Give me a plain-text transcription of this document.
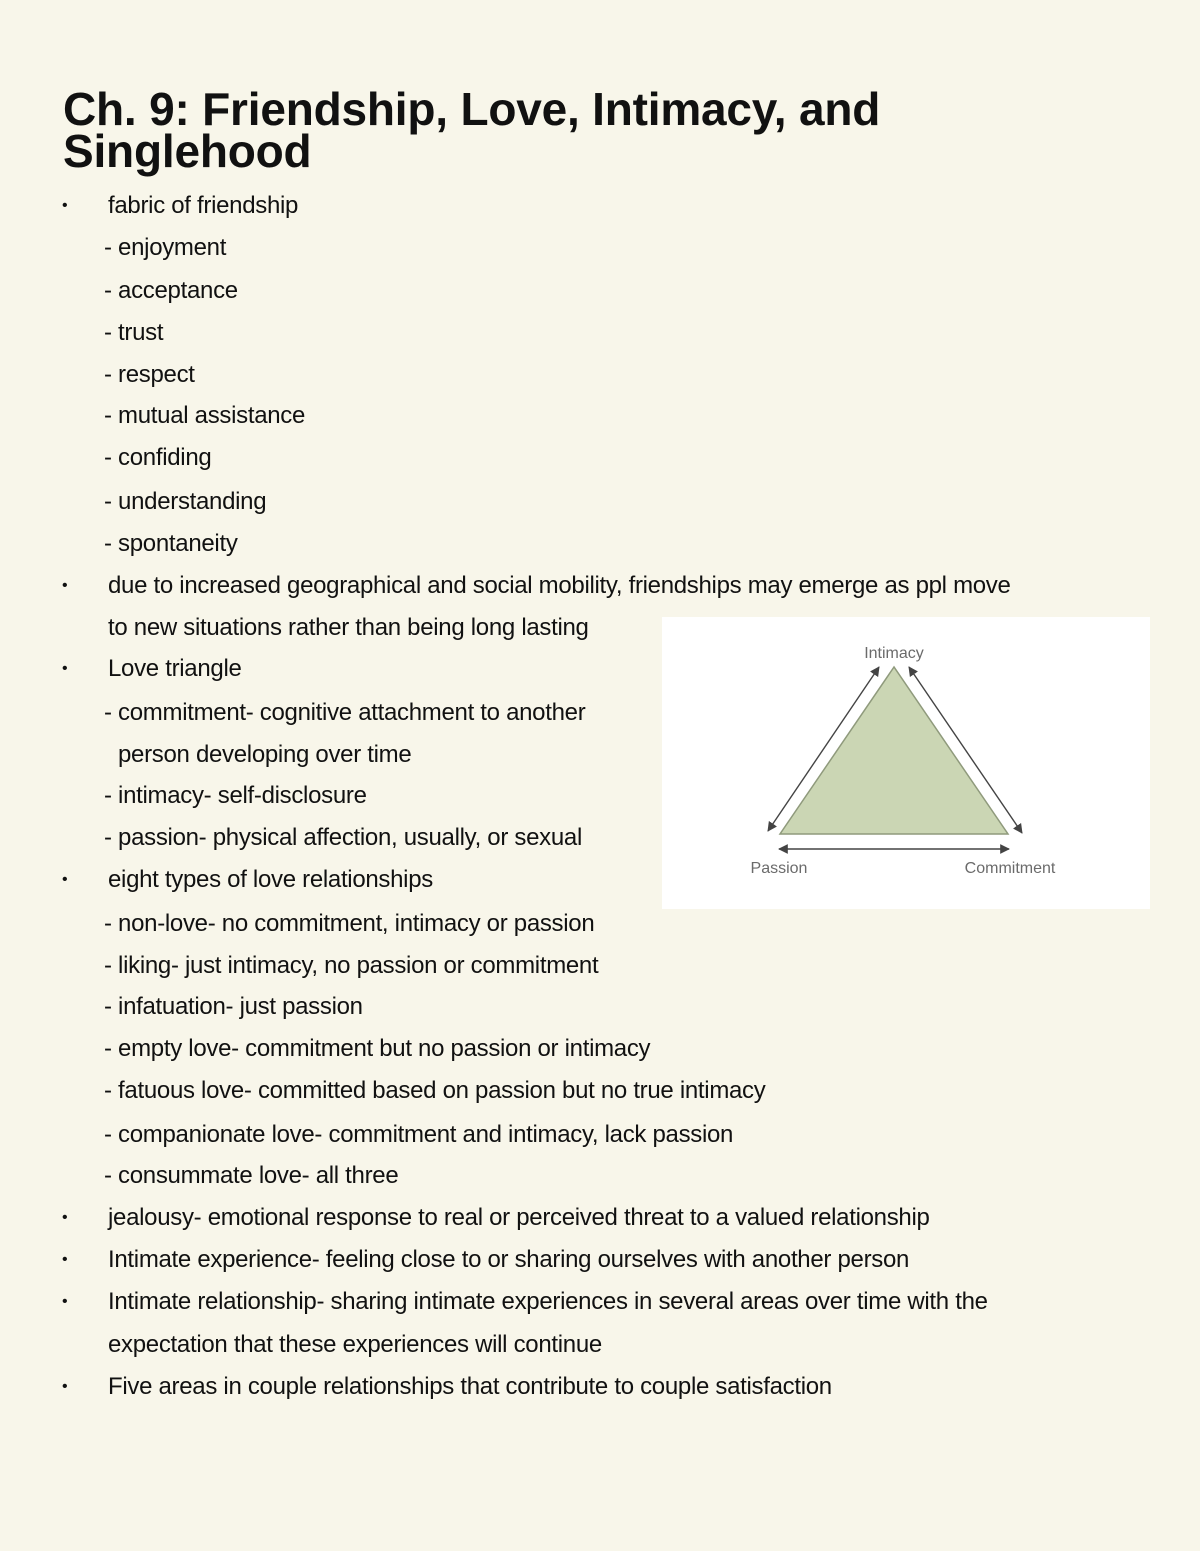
Ch. 9: Friendship, Love, Intimacy, and Singlehood
• fabric of friendship
- enjoyment
- acceptance
- trust
- respect
- mutual assistance
- confiding
- understanding
- spontaneity
• due to increased geographical and social mobility, friendships may emerge as ppl move
to new situations rather than being long lasting
• Love triangle
- commitment- cognitive attachment to another
person developing over time
- intimacy- self-disclosure
- passion- physical affection, usually, or sexual
• eight types of love relationships
- non-love- no commitment, intimacy or passion
- liking- just intimacy, no passion or commitment
- infatuation- just passion
- empty love- commitment but no passion or intimacy
- fatuous love- committed based on passion but no true intimacy
- companionate love- commitment and intimacy, lack passion
- consummate love- all three
• jealousy- emotional response to real or perceived threat to a valued relationship
• Intimate experience- feeling close to or sharing ourselves with another person
• Intimate relationship- sharing intimate experiences in several areas over time with the
expectation that these experiences will continue
• Five areas in couple relationships that contribute to couple satisfaction
Intimacy
Passion	Commitment
